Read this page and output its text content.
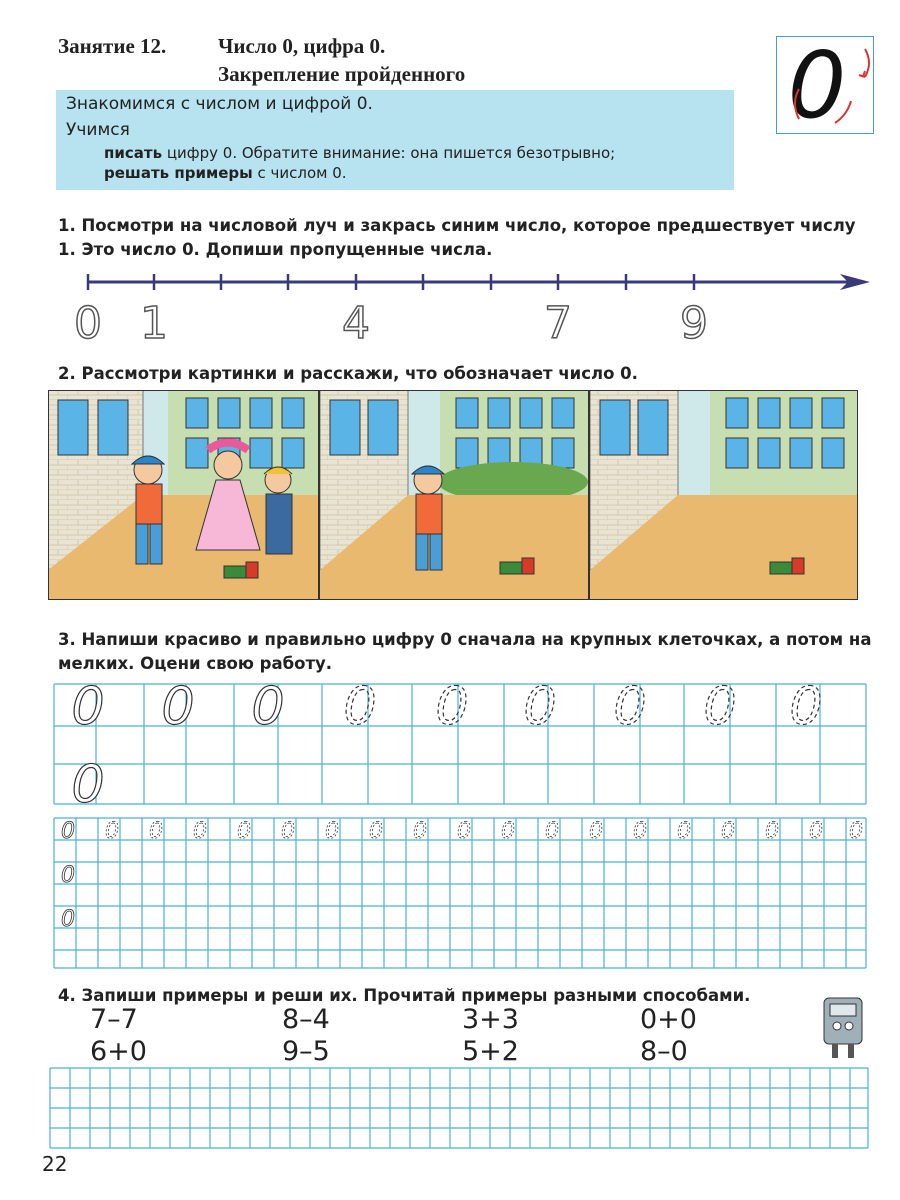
Занятие 12. Число 0, цифра 0.
Закрепление пройденного
Знакомимся с числом и цифрой 0.
Учимся
писать цифру 0. Обратите внимание: она пишется безотрывно;
решать примеры с числом 0.
0
1. Посмотри на числовой луч и закрась синим число, которое предшествует числу 1. Это число 0. Допиши пропущенные числа.
0 1	4	7 9
2. Рассмотри картинки и расскажи, что обозначает число 0.
3. Напиши красиво и правильно цифру 0 сначала на крупных клеточках, а потом на мелких. Оцени свою работу.
0 0 0
0
0 0 0 0 0 0
0
0
0
0 0 0 0 0 0 0 0 0 0 0 0 0 0 0 0 0 0
4. Запиши примеры и реши их. Прочитай примеры разными способами.
7–7	8–4	3+3	0+0
6+0	9–5	5+2	8–0
22
